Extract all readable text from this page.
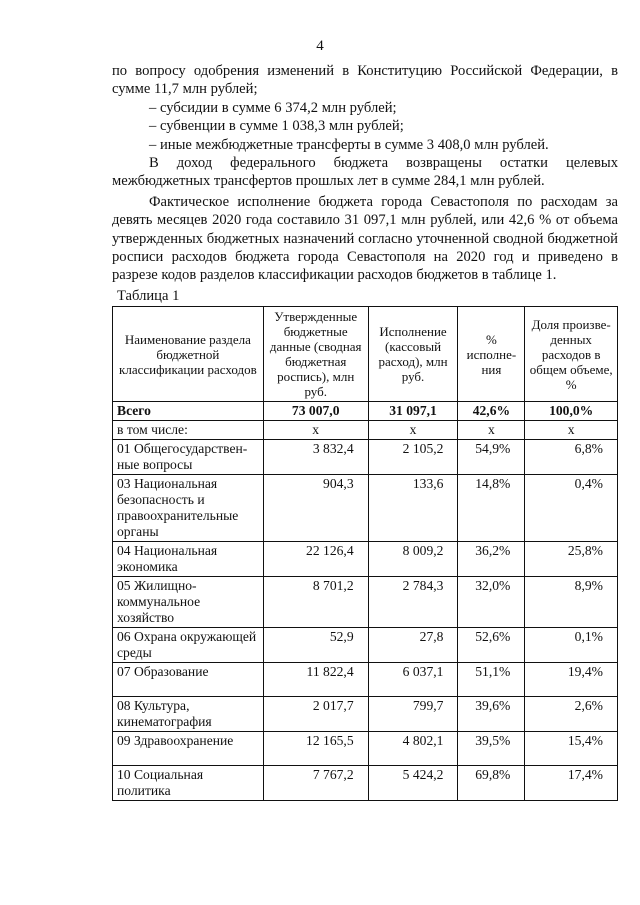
4

по вопросу одобрения изменений в Конституцию Российской Федерации, в сумме 11,7 млн рублей;

– субсидии в сумме 6 374,2 млн рублей;

– субвенции в сумме 1 038,3 млн рублей;

– иные межбюджетные трансферты в сумме 3 408,0 млн рублей.

В доход федерального бюджета возвращены остатки целевых межбюджетных трансфертов прошлых лет в сумме 284,1 млн рублей.

Фактическое исполнение бюджета города Севастополя по расходам за девять месяцев 2020 года составило 31 097,1 млн рублей, или 42,6 % от объема утвержденных бюджетных назначений согласно уточненной сводной бюджетной росписи расходов бюджета города Севастополя на 2020 год и приведено в разрезе кодов разделов классификации расходов бюджетов в таблице 1.

Таблица 1
Наименование раздела бюджетной классификации расходов	Утвержденные бюджетные данные (сводная бюджетная роспись), млн руб.	Исполнение (кассовый расход), млн руб.	% исполне-ния	Доля произве-денных расходов в общем объеме, %
Всего	73 007,0	31 097,1	42,6%	100,0%
в том числе:	х	х	х	х
01 Общегосударствен-ные вопросы	3 832,4	2 105,2	54,9%	6,8%
03 Национальная безопасность и правоохранительные органы	904,3	133,6	14,8%	0,4%
04 Национальная экономика	22 126,4	8 009,2	36,2%	25,8%
05 Жилищно-коммунальное хозяйство	8 701,2	2 784,3	32,0%	8,9%
06 Охрана окружающей среды	52,9	27,8	52,6%	0,1%
07 Образование	11 822,4	6 037,1	51,1%	19,4%
08 Культура, кинематография	2 017,7	799,7	39,6%	2,6%
09 Здравоохранение	12 165,5	4 802,1	39,5%	15,4%
10 Социальная политика	7 767,2	5 424,2	69,8%	17,4%
